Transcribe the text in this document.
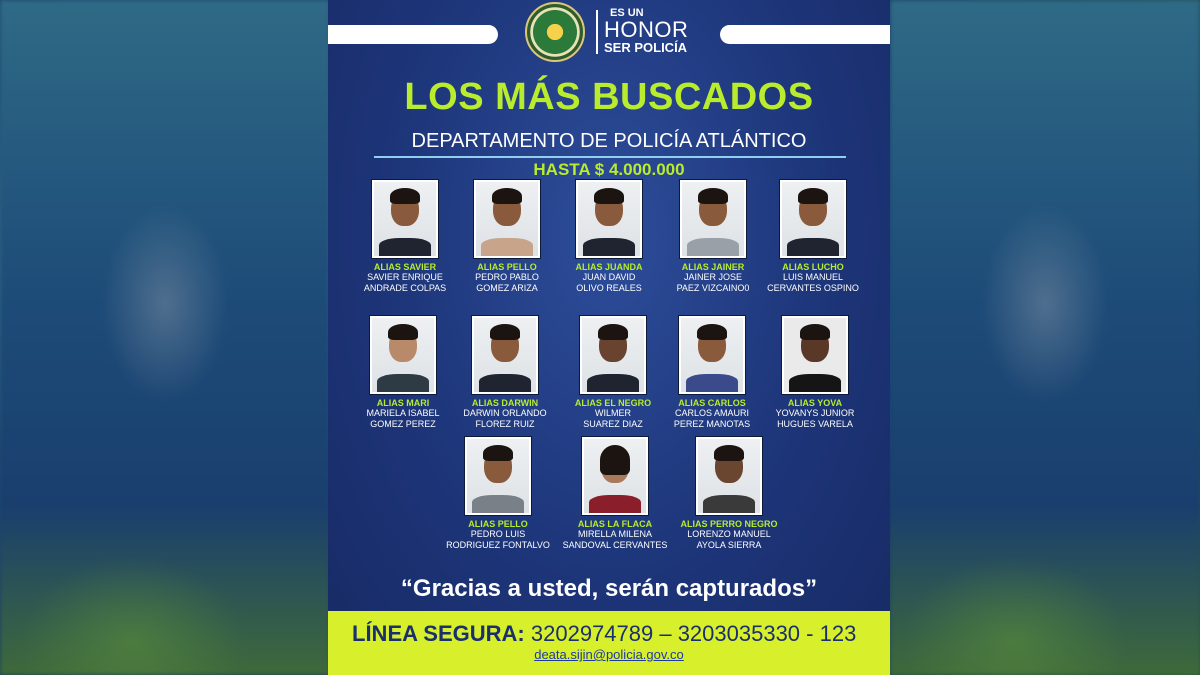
ES UN
HONOR
SER POLICÍA
LOS MÁS BUSCADOS
DEPARTAMENTO DE POLICÍA ATLÁNTICO
HASTA $ 4.000.000
ALIAS SAVIER
SAVIER ENRIQUE
ANDRADE COLPAS
ALIAS PELLO
PEDRO PABLO
GOMEZ ARIZA
ALIAS JUANDA
JUAN DAVID
OLIVO REALES
ALIAS JAINER
JAINER JOSE
PAEZ VIZCAINO0
ALIAS LUCHO
LUIS MANUEL
CERVANTES OSPINO
ALIAS MARI
MARIELA ISABEL
GOMEZ PEREZ
ALIAS DARWIN
DARWIN ORLANDO
FLOREZ RUIZ
ALIAS EL NEGRO
WILMER
SUAREZ DIAZ
ALIAS CARLOS
CARLOS AMAURI
PEREZ MANOTAS
ALIAS YOVA
YOVANYS JUNIOR
HUGUES VARELA
ALIAS PELLO
PEDRO LUIS
RODRIGUEZ FONTALVO
ALIAS LA FLACA
MIRELLA MILENA
SANDOVAL CERVANTES
ALIAS PERRO NEGRO
LORENZO MANUEL
AYOLA SIERRA
“Gracias a usted, serán capturados”
LÍNEA SEGURA: 3202974789 – 3203035330 - 123
deata.sijin@policia.gov.co
